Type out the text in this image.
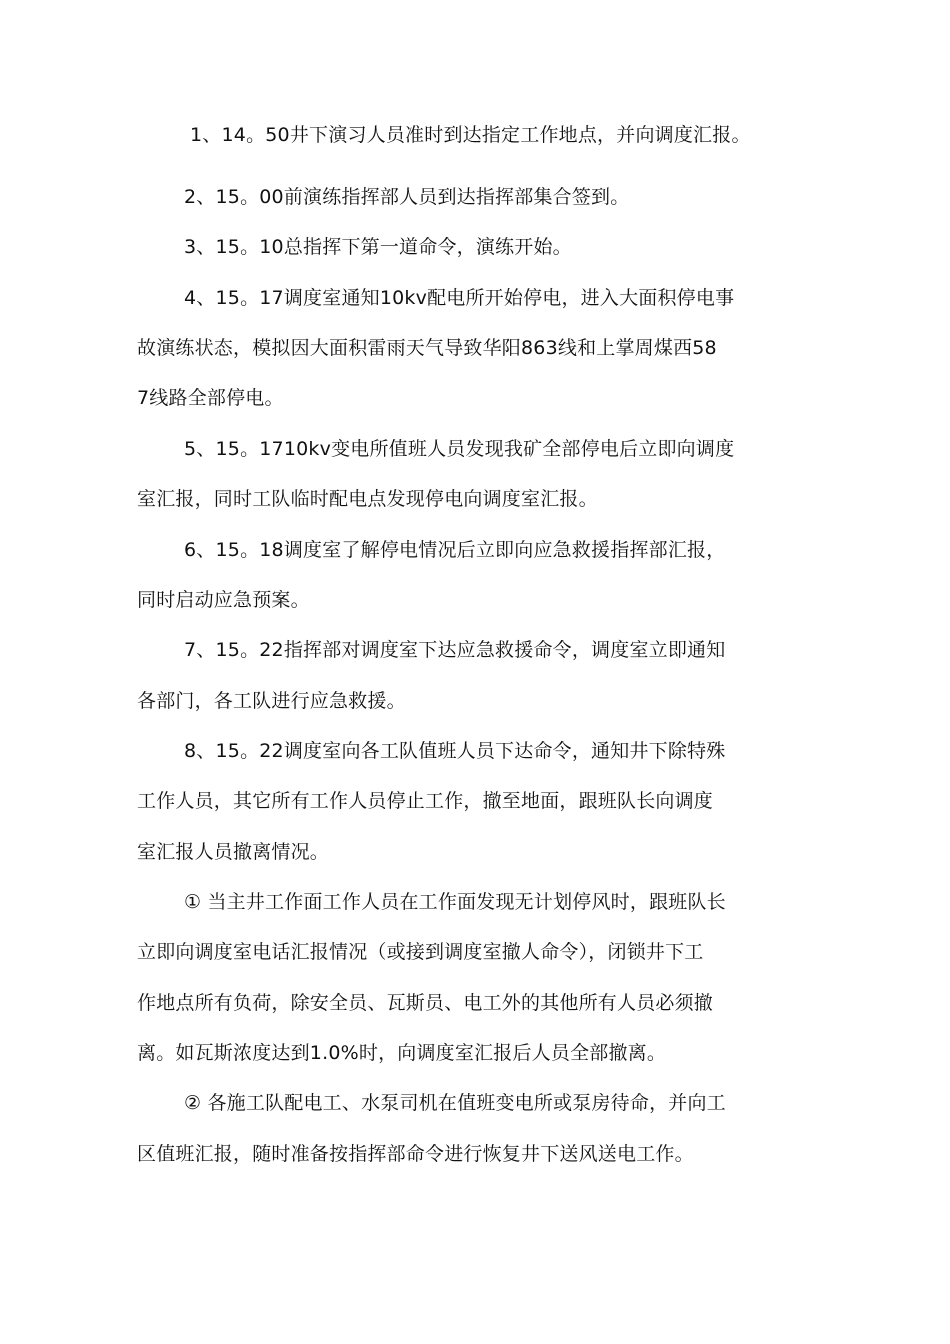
1、14。50井下演习人员准时到达指定工作地点，并向调度汇报。
2、15。00前演练指挥部人员到达指挥部集合签到。
3、15。10总指挥下第一道命令，演练开始。
4、15。17调度室通知10kv配电所开始停电，进入大面积停电事
故演练状态，模拟因大面积雷雨天气导致华阳863线和上掌周煤西58
7线路全部停电。
5、15。1710kv变电所值班人员发现我矿全部停电后立即向调度
室汇报，同时工队临时配电点发现停电向调度室汇报。
6、15。18调度室了解停电情况后立即向应急救援指挥部汇报，
同时启动应急预案。
7、15。22指挥部对调度室下达应急救援命令，调度室立即通知
各部门，各工队进行应急救援。
8、15。22调度室向各工队值班人员下达命令，通知井下除特殊
工作人员，其它所有工作人员停止工作，撤至地面，跟班队长向调度
室汇报人员撤离情况。
① 当主井工作面工作人员在工作面发现无计划停风时，跟班队长
立即向调度室电话汇报情况（或接到调度室撤人命令），闭锁井下工
作地点所有负荷，除安全员、瓦斯员、电工外的其他所有人员必须撤
离。如瓦斯浓度达到1.0%时，向调度室汇报后人员全部撤离。
② 各施工队配电工、水泵司机在值班变电所或泵房待命，并向工
区值班汇报，随时准备按指挥部命令进行恢复井下送风送电工作。
